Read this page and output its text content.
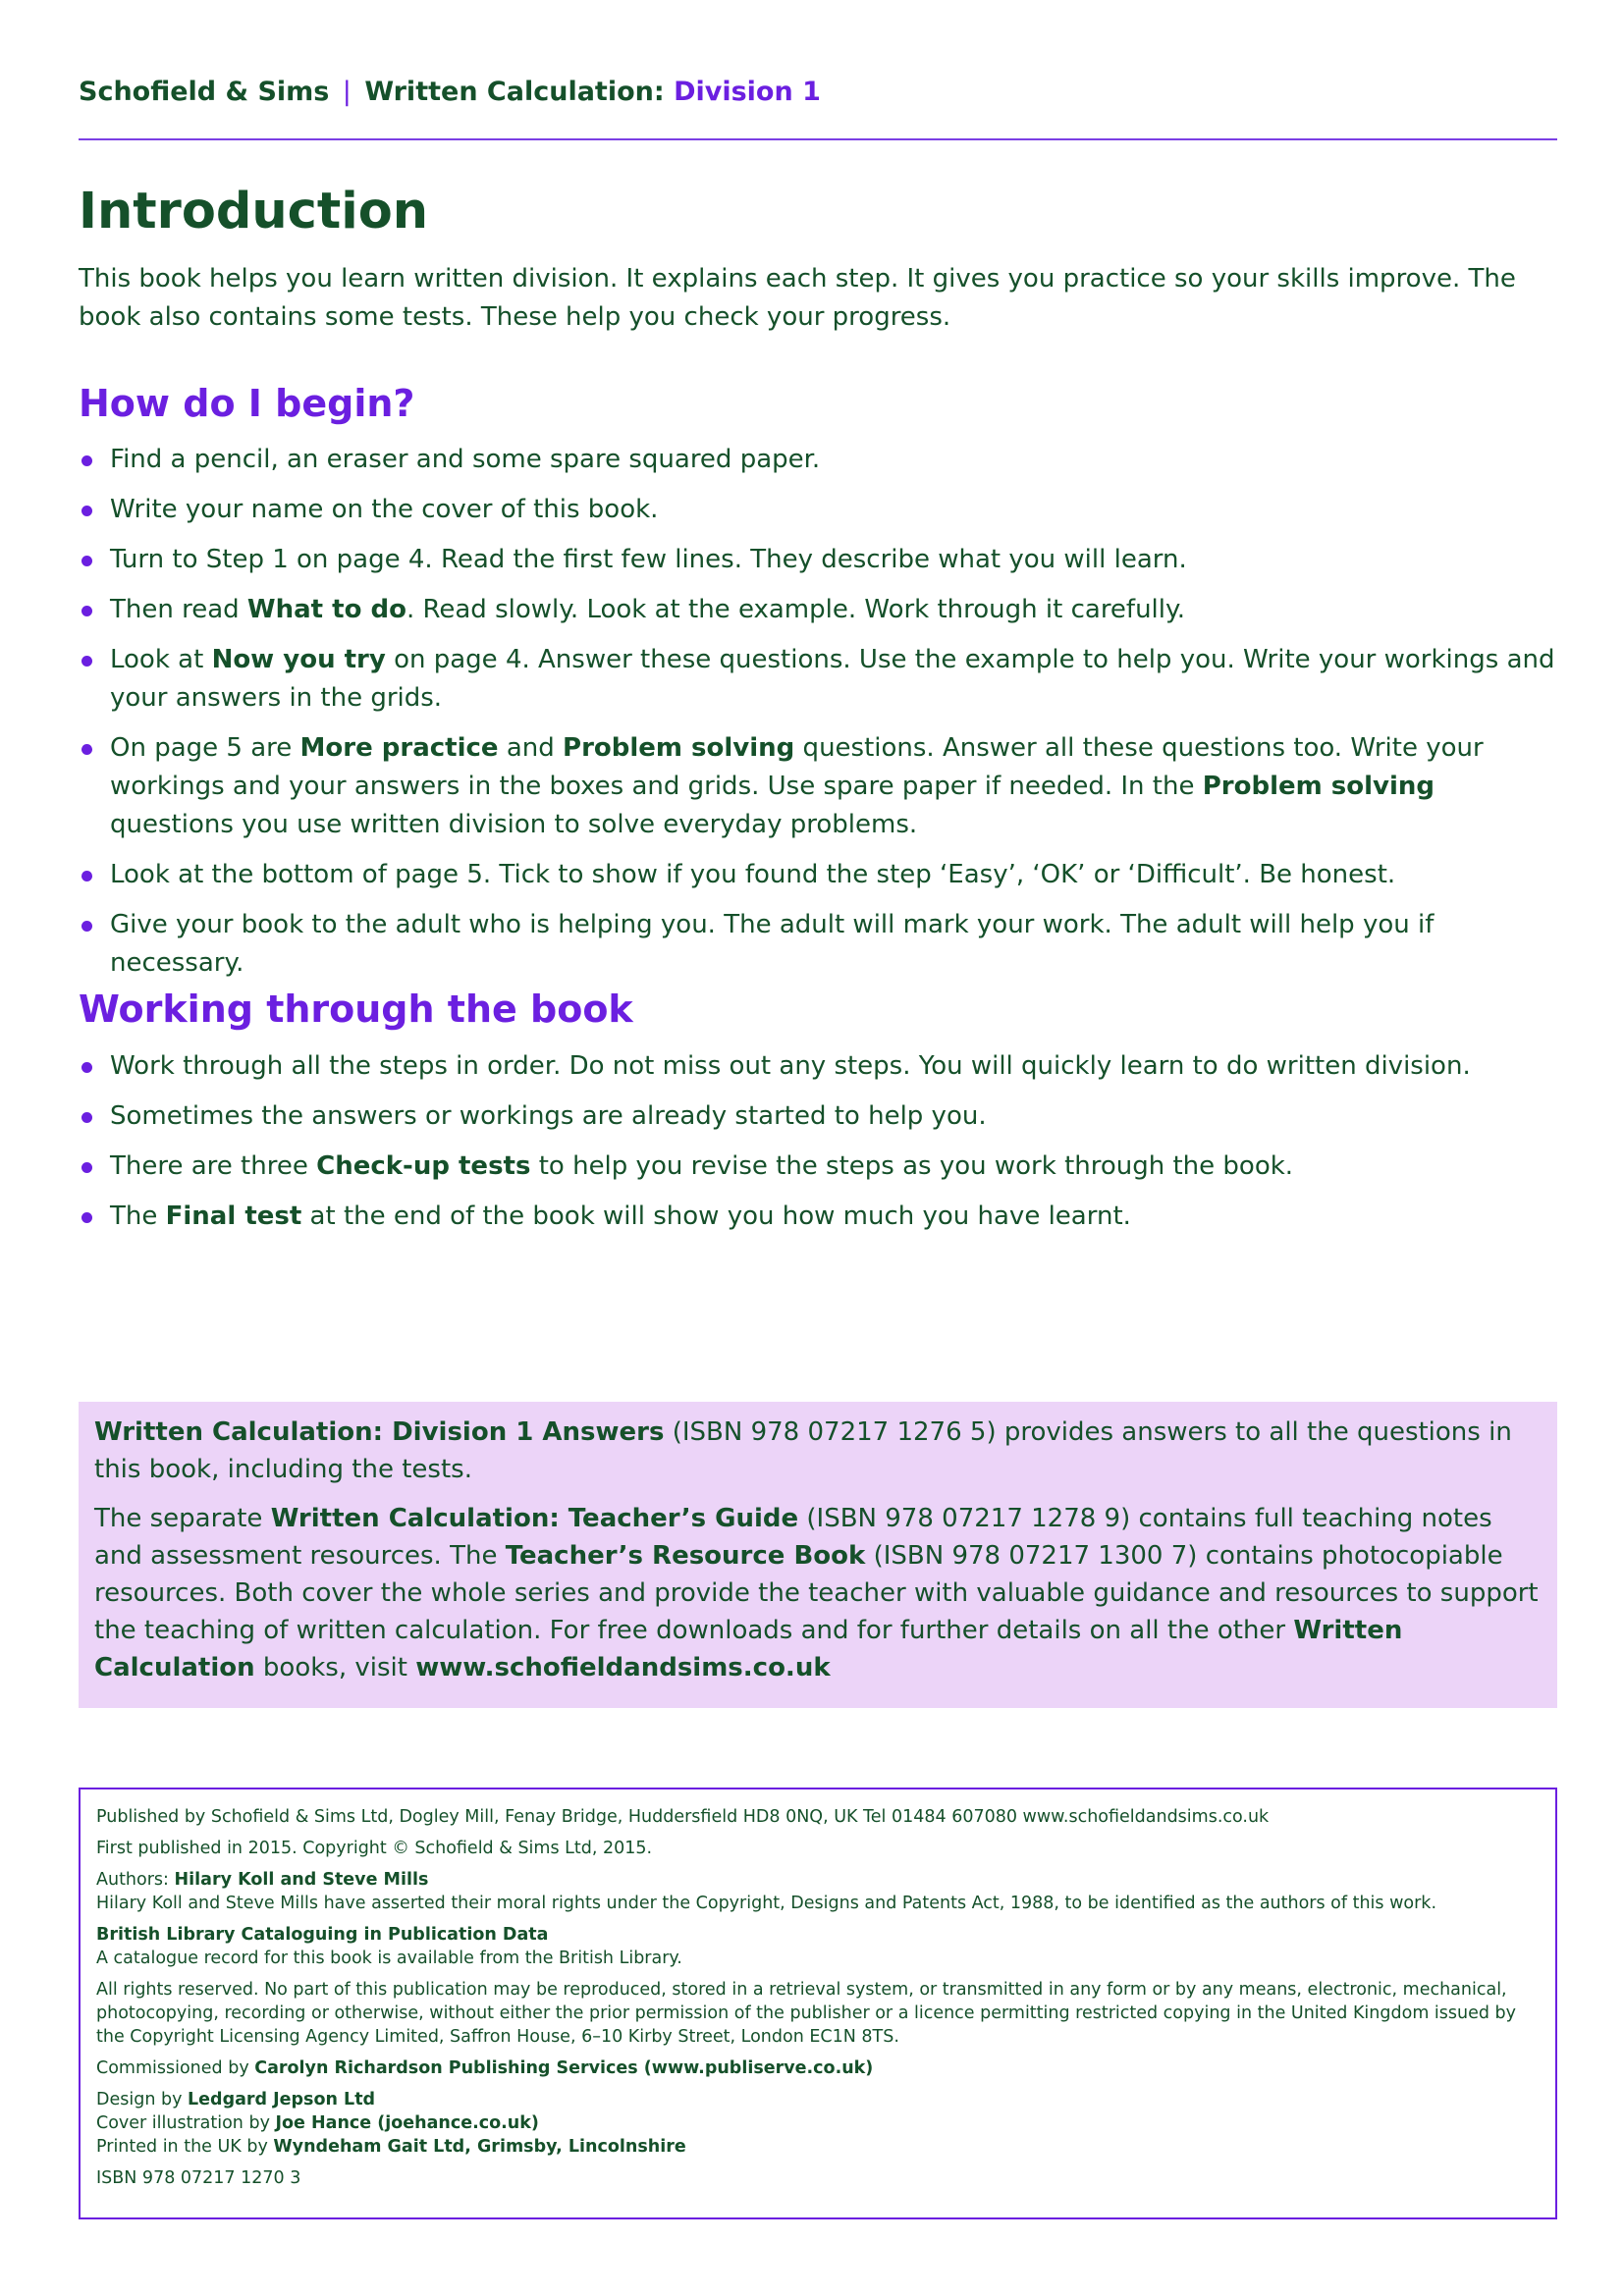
Schofield & Sims | Written Calculation: Division 1
Introduction

This book helps you learn written division. It explains each step. It gives you practice so your skills improve. The book also contains some tests. These help you check your progress.

How do I begin?
Find a pencil, an eraser and some spare squared paper.
Write your name on the cover of this book.
Turn to Step 1 on page 4. Read the first few lines. They describe what you will learn.
Then read What to do. Read slowly. Look at the example. Work through it carefully.
Look at Now you try on page 4. Answer these questions. Use the example to help you. Write your workings and your answers in the grids.
On page 5 are More practice and Problem solving questions. Answer all these questions too. Write your workings and your answers in the boxes and grids. Use spare paper if needed. In the Problem solving questions you use written division to solve everyday problems.
Look at the bottom of page 5. Tick to show if you found the step ‘Easy’, ‘OK’ or ‘Difficult’. Be honest.
Give your book to the adult who is helping you. The adult will mark your work. The adult will help you if necessary.
Working through the book
Work through all the steps in order. Do not miss out any steps. You will quickly learn to do written division.
Sometimes the answers or workings are already started to help you.
There are three Check-up tests to help you revise the steps as you work through the book.
The Final test at the end of the book will show you how much you have learnt.

Written Calculation: Division 1 Answers (ISBN 978 07217 1276 5) provides answers to all the questions in this book, including the tests.

The separate Written Calculation: Teacher’s Guide (ISBN 978 07217 1278 9) contains full teaching notes and assessment resources. The Teacher’s Resource Book (ISBN 978 07217 1300 7) contains photocopiable resources. Both cover the whole series and provide the teacher with valuable guidance and resources to support the teaching of written calculation. For free downloads and for further details on all the other Written Calculation books, visit www.schofieldandsims.co.uk

Published by Schofield & Sims Ltd, Dogley Mill, Fenay Bridge, Huddersfield HD8 0NQ, UK Tel 01484 607080 www.schofieldandsims.co.uk

First published in 2015. Copyright © Schofield & Sims Ltd, 2015.

Authors: Hilary Koll and Steve Mills

Hilary Koll and Steve Mills have asserted their moral rights under the Copyright, Designs and Patents Act, 1988, to be identified as the authors of this work.

British Library Cataloguing in Publication Data

A catalogue record for this book is available from the British Library.

All rights reserved. No part of this publication may be reproduced, stored in a retrieval system, or transmitted in any form or by any means, electronic, mechanical, photocopying, recording or otherwise, without either the prior permission of the publisher or a licence permitting restricted copying in the United Kingdom issued by the Copyright Licensing Agency Limited, Saffron House, 6–10 Kirby Street, London EC1N 8TS.

Commissioned by Carolyn Richardson Publishing Services (www.publiserve.co.uk)

Design by Ledgard Jepson Ltd

Cover illustration by Joe Hance (joehance.co.uk)

Printed in the UK by Wyndeham Gait Ltd, Grimsby, Lincolnshire

ISBN 978 07217 1270 3
